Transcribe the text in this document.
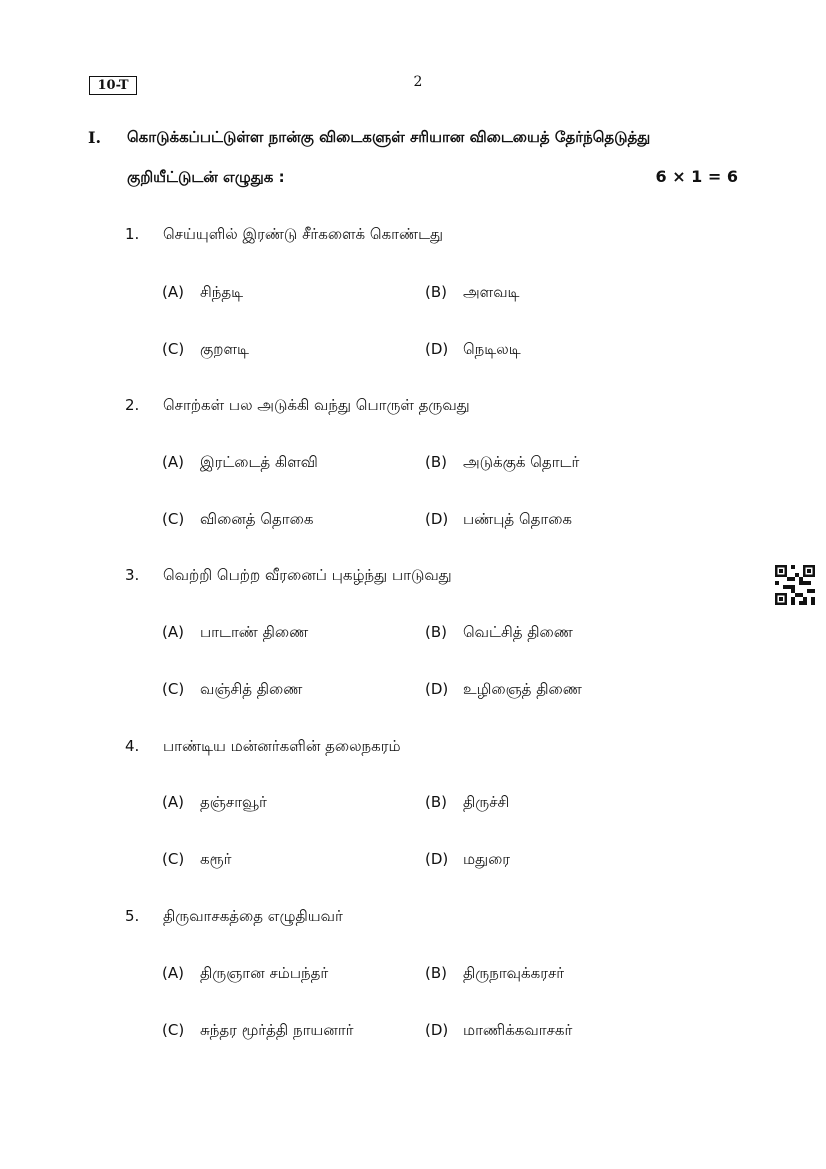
10-T	2
I. கொடுக்கப்பட்டுள்ள நான்கு விடைகளுள் சரியான விடையைத் தேர்ந்தெடுத்து
குறியீட்டுடன் எழுதுக :	6 × 1 = 6
1. செய்யுளில் இரண்டு சீர்களைக் கொண்டது
(A) சிந்தடி	(B) அளவடி
(C) குறளடி	(D) நெடிலடி
2. சொற்கள் பல அடுக்கி வந்து பொருள் தருவது
(A) இரட்டைத் கிளவி	(B) அடுக்குக் தொடர்
(C) வினைத் தொகை	(D) பண்புத் தொகை
3. வெற்றி பெற்ற வீரனைப் புகழ்ந்து பாடுவது
(A) பாடாண் திணை	(B) வெட்சித் திணை
(C) வஞ்சித் திணை	(D) உழிஞைத் திணை
4. பாண்டிய மன்னர்களின் தலைநகரம்
(A) தஞ்சாவூர்	(B) திருச்சி
(C) கரூர்	(D) மதுரை
5. திருவாசகத்தை எழுதியவர்
(A) திருஞான சம்பந்தர்	(B) திருநாவுக்கரசர்
(C) சுந்தர மூர்த்தி நாயனார்	(D) மாணிக்கவாசகர்
